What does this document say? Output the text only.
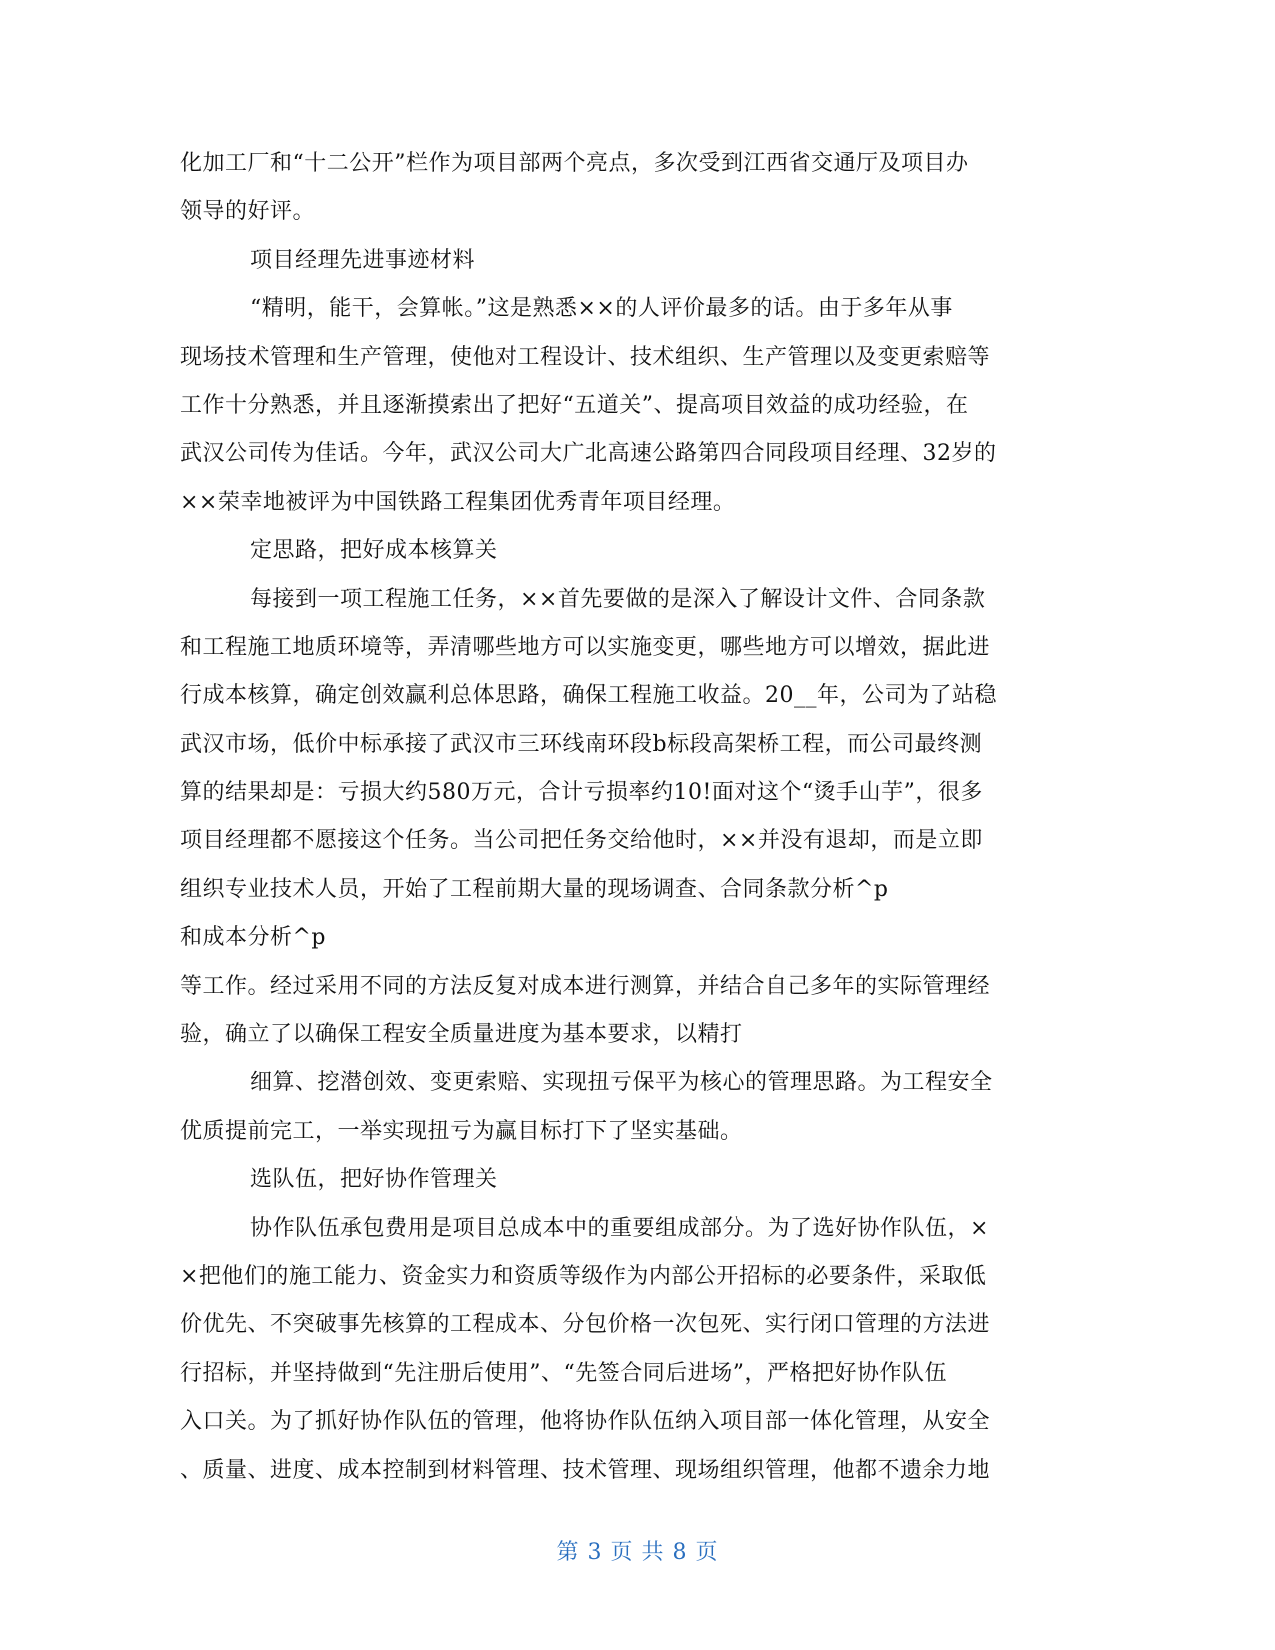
化加工厂和“十二公开”栏作为项目部两个亮点，多次受到江西省交通厅及项目办
领导的好评。
项目经理先进事迹材料
“精明，能干，会算帐。”这是熟悉××的人评价最多的话。由于多年从事
现场技术管理和生产管理，使他对工程设计、技术组织、生产管理以及变更索赔等
工作十分熟悉，并且逐渐摸索出了把好“五道关”、提高项目效益的成功经验，在
武汉公司传为佳话。今年，武汉公司大广北高速公路第四合同段项目经理、32岁的
××荣幸地被评为中国铁路工程集团优秀青年项目经理。
定思路，把好成本核算关
每接到一项工程施工任务，××首先要做的是深入了解设计文件、合同条款
和工程施工地质环境等，弄清哪些地方可以实施变更，哪些地方可以增效，据此进
行成本核算，确定创效赢利总体思路，确保工程施工收益。20__年，公司为了站稳
武汉市场，低价中标承接了武汉市三环线南环段b标段高架桥工程，而公司最终测
算的结果却是：亏损大约580万元，合计亏损率约10!面对这个“烫手山芋”，很多
项目经理都不愿接这个任务。当公司把任务交给他时，××并没有退却，而是立即
组织专业技术人员，开始了工程前期大量的现场调查、合同条款分析^p
和成本分析^p
等工作。经过采用不同的方法反复对成本进行测算，并结合自己多年的实际管理经
验，确立了以确保工程安全质量进度为基本要求，以精打
细算、挖潜创效、变更索赔、实现扭亏保平为核心的管理思路。为工程安全
优质提前完工，一举实现扭亏为赢目标打下了坚实基础。
选队伍，把好协作管理关
协作队伍承包费用是项目总成本中的重要组成部分。为了选好协作队伍，×
×把他们的施工能力、资金实力和资质等级作为内部公开招标的必要条件，采取低
价优先、不突破事先核算的工程成本、分包价格一次包死、实行闭口管理的方法进
行招标，并坚持做到“先注册后使用”、“先签合同后进场”，严格把好协作队伍
入口关。为了抓好协作队伍的管理，他将协作队伍纳入项目部一体化管理，从安全
、质量、进度、成本控制到材料管理、技术管理、现场组织管理，他都不遗余力地
第 3 页 共 8 页
